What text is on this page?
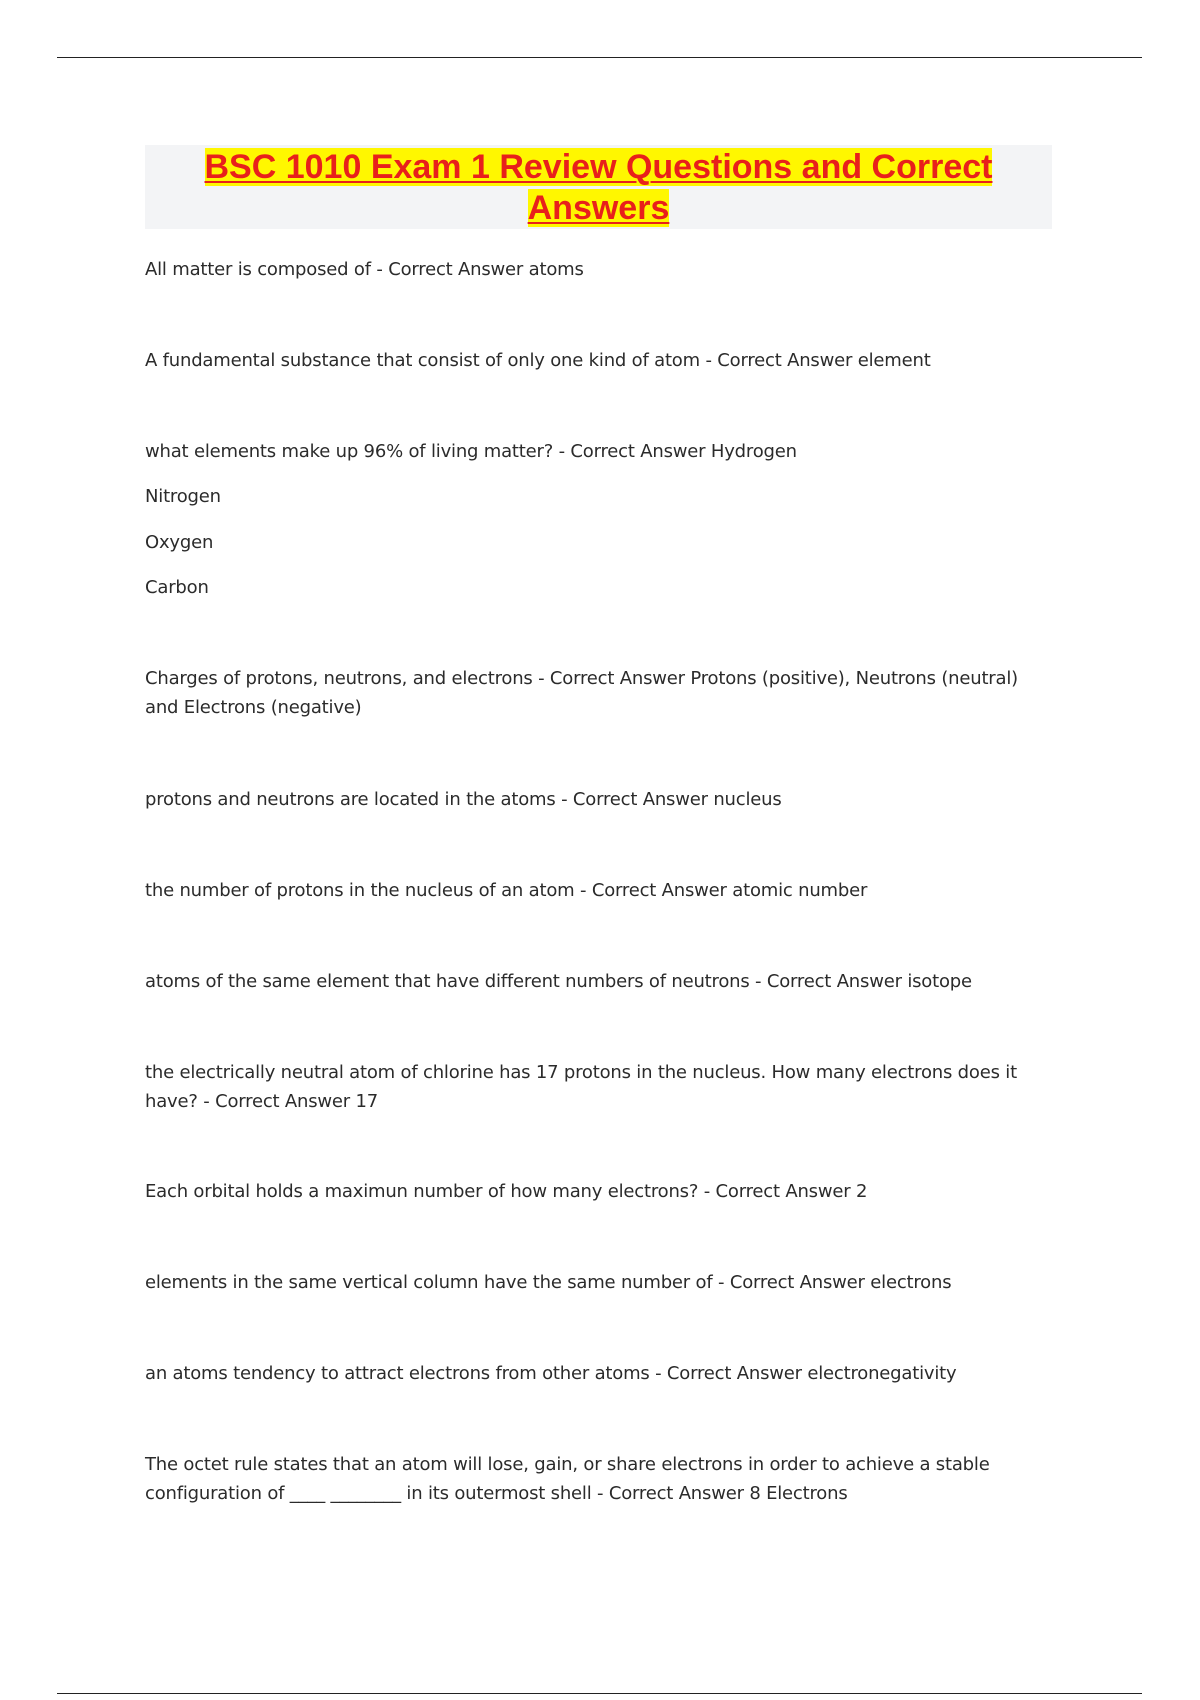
BSC 1010 Exam 1 Review Questions and Correct Answers
All matter is composed of - Correct Answer atoms
A fundamental substance that consist of only one kind of atom - Correct Answer element
what elements make up 96% of living matter? - Correct Answer Hydrogen
Nitrogen
Oxygen
Carbon
Charges of protons, neutrons, and electrons - Correct Answer Protons (positive), Neutrons (neutral) and Electrons (negative)
protons and neutrons are located in the atoms - Correct Answer nucleus
the number of protons in the nucleus of an atom - Correct Answer atomic number
atoms of the same element that have different numbers of neutrons - Correct Answer isotope
the electrically neutral atom of chlorine has 17 protons in the nucleus. How many electrons does it have? - Correct Answer 17
Each orbital holds a maximun number of how many electrons? - Correct Answer 2
elements in the same vertical column have the same number of - Correct Answer electrons
an atoms tendency to attract electrons from other atoms - Correct Answer electronegativity
The octet rule states that an atom will lose, gain, or share electrons in order to achieve a stable configuration of ____ ________ in its outermost shell - Correct Answer 8 Electrons
